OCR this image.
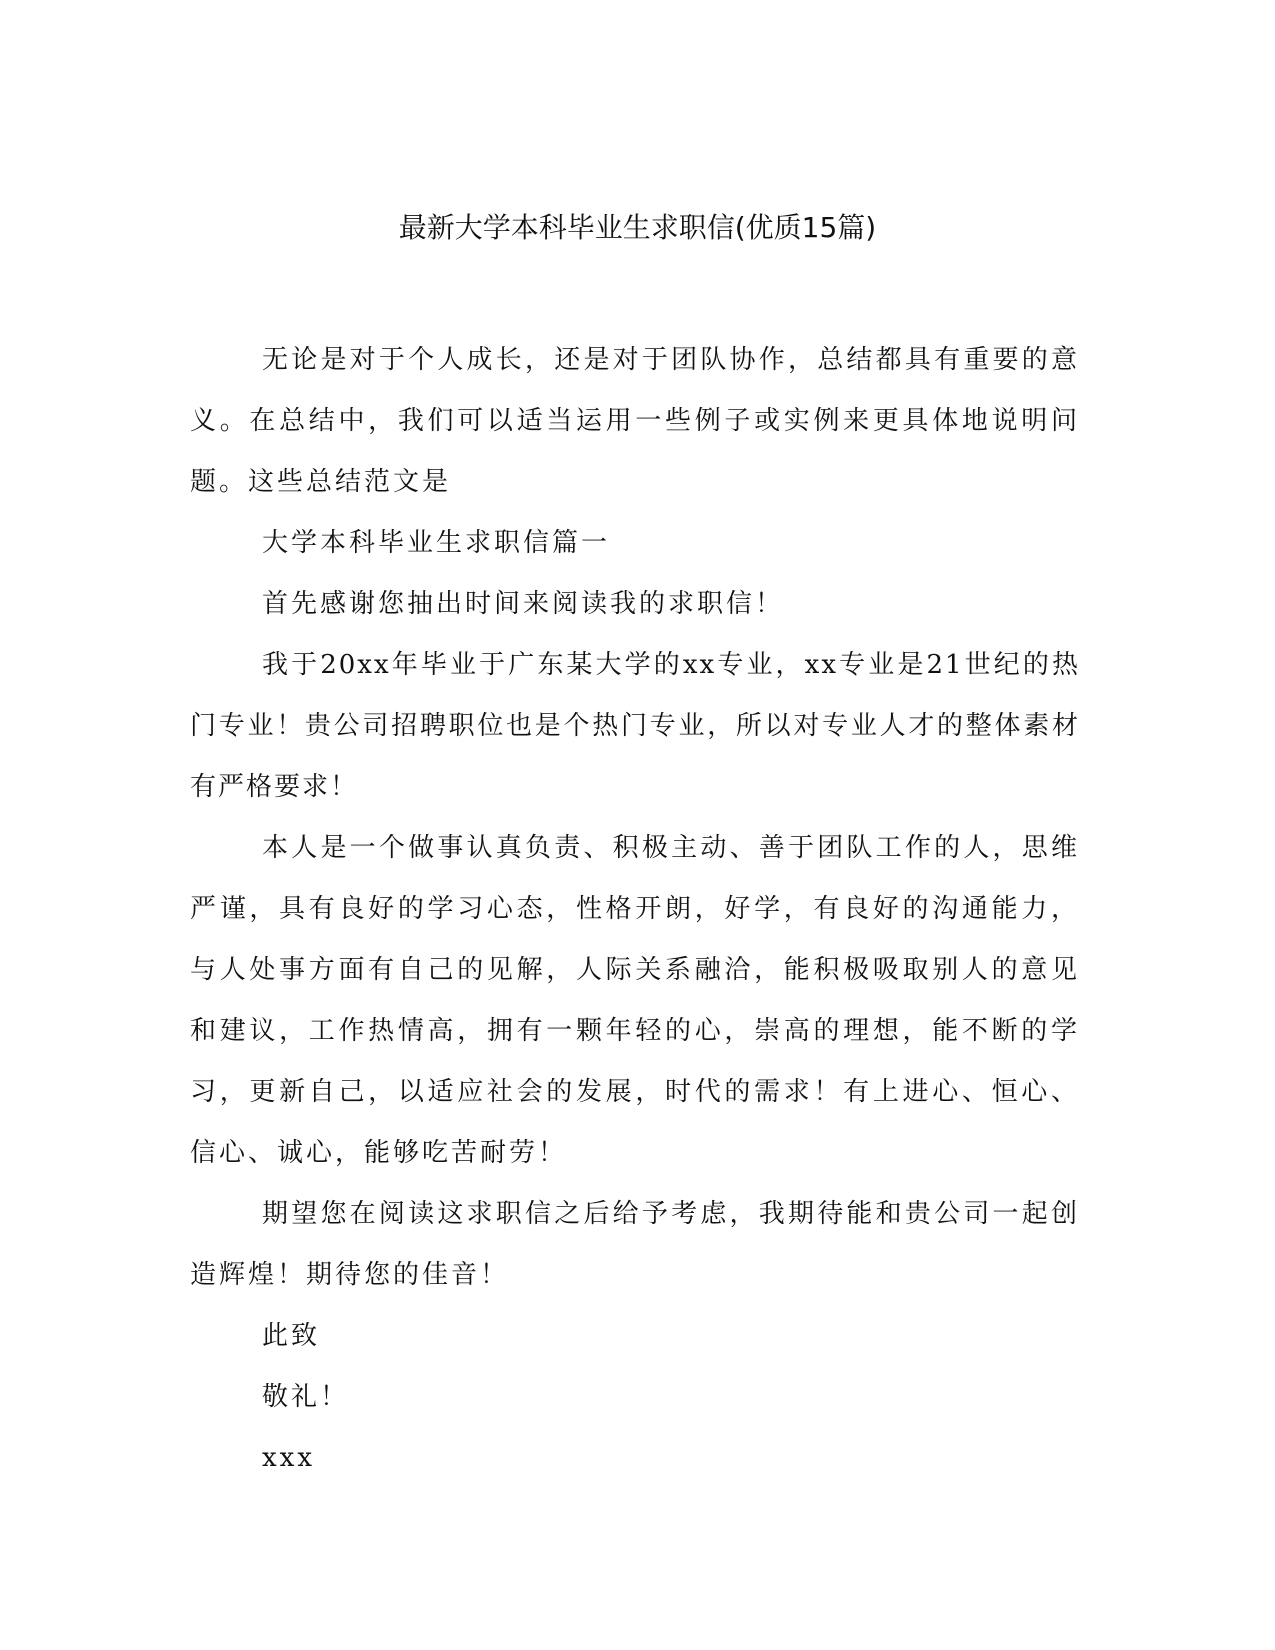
最新大学本科毕业生求职信(优质15篇)

无论是对于个人成长，还是对于团队协作，总结都具有重要的意义。在总结中，我们可以适当运用一些例子或实例来更具体地说明问题。这些总结范文是

大学本科毕业生求职信篇一

首先感谢您抽出时间来阅读我的求职信！

我于20xx年毕业于广东某大学的xx专业，xx专业是21世纪的热门专业！贵公司招聘职位也是个热门专业，所以对专业人才的整体素材有严格要求！

本人是一个做事认真负责、积极主动、善于团队工作的人，思维严谨，具有良好的学习心态，性格开朗，好学，有良好的沟通能力，与人处事方面有自己的见解，人际关系融洽，能积极吸取别人的意见和建议，工作热情高，拥有一颗年轻的心，崇高的理想，能不断的学习，更新自己，以适应社会的发展，时代的需求！有上进心、恒心、信心、诚心，能够吃苦耐劳！

期望您在阅读这求职信之后给予考虑，我期待能和贵公司一起创造辉煌！期待您的佳音！

此致

敬礼！

xxx
